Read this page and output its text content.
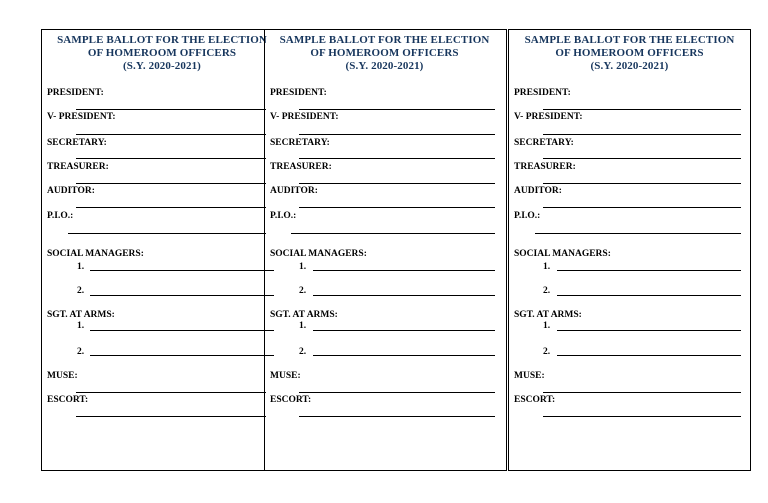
SAMPLE BALLOT FOR THE ELECTION
OF HOMEROOM OFFICERS
(S.Y. 2020-2021)
PRESIDENT:
V- PRESIDENT:
SECRETARY:
TREASURER:
AUDITOR:
P.I.O.:
SOCIAL MANAGERS:
1.
2.
SGT. AT ARMS:
1.
2.
MUSE:
ESCORT:
SAMPLE BALLOT FOR THE ELECTION
OF HOMEROOM OFFICERS
(S.Y. 2020-2021)
PRESIDENT:
V- PRESIDENT:
SECRETARY:
TREASURER:
AUDITOR:
P.I.O.:
SOCIAL MANAGERS:
1.
2.
SGT. AT ARMS:
1.
2.
MUSE:
ESCORT:
SAMPLE BALLOT FOR THE ELECTION
OF HOMEROOM OFFICERS
(S.Y. 2020-2021)
PRESIDENT:
V- PRESIDENT:
SECRETARY:
TREASURER:
AUDITOR:
P.I.O.:
SOCIAL MANAGERS:
1.
2.
SGT. AT ARMS:
1.
2.
MUSE:
ESCORT:
